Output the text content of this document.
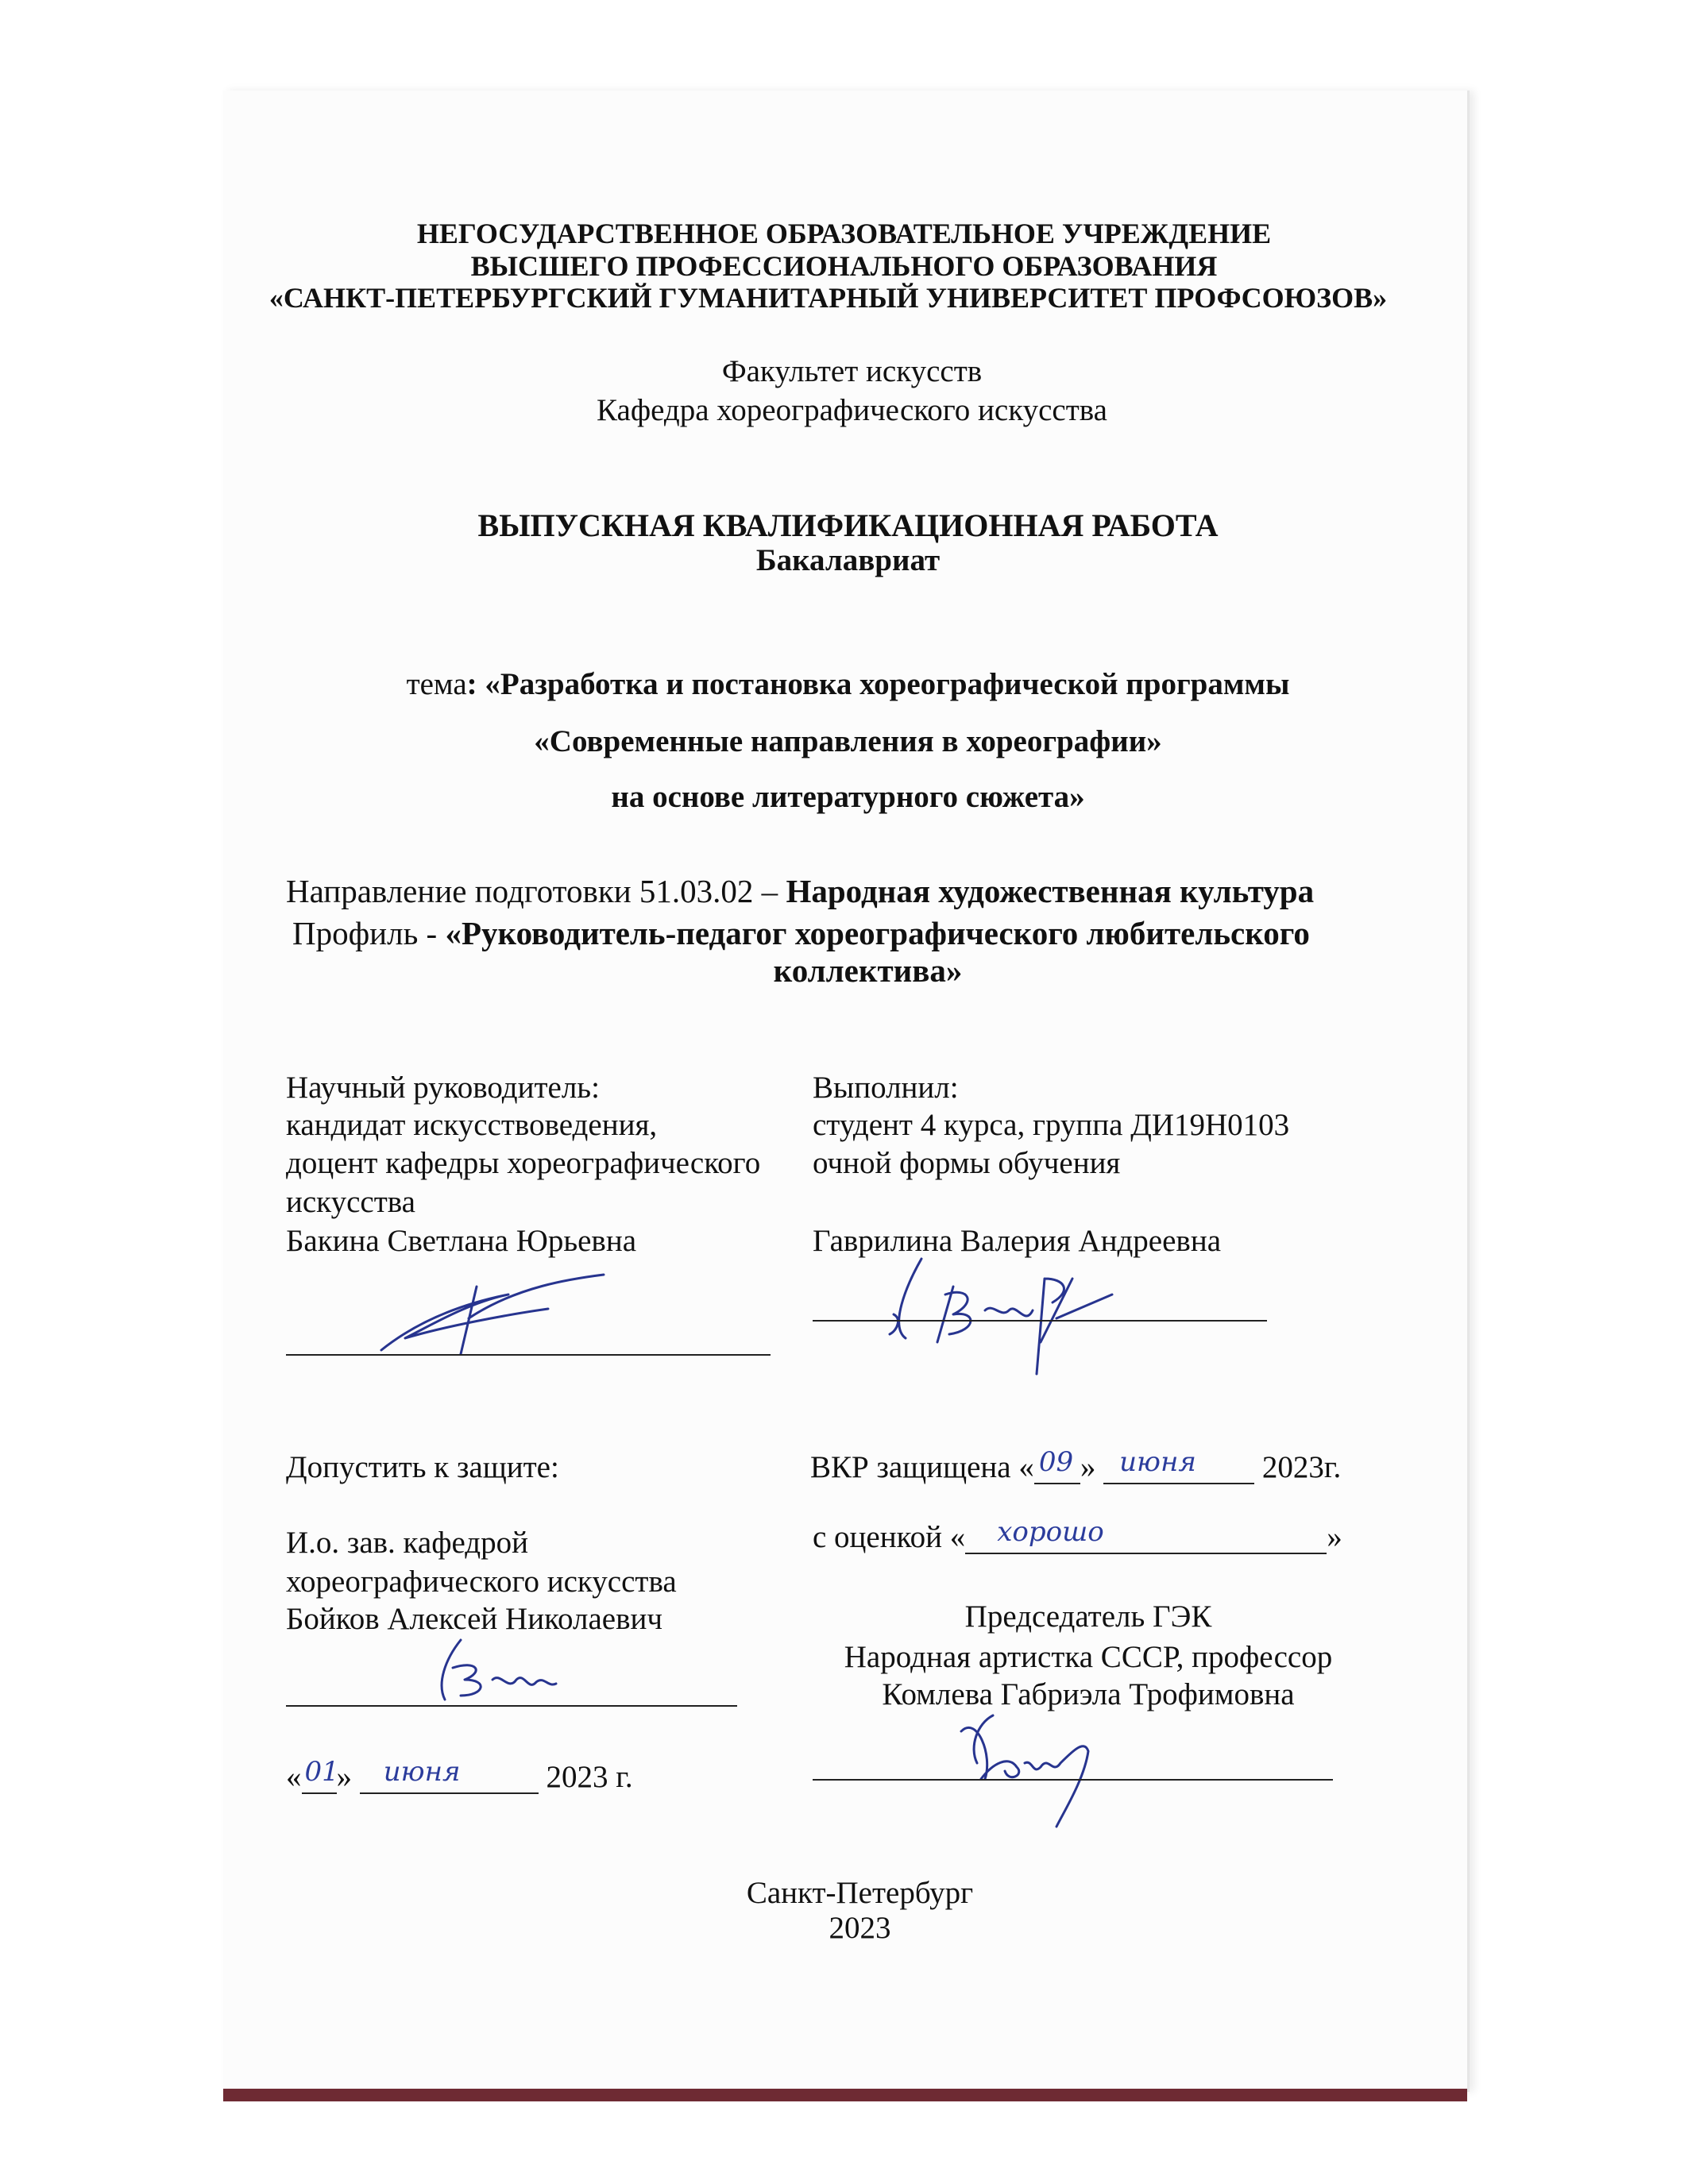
НЕГОСУДАРСТВЕННОЕ ОБРАЗОВАТЕЛЬНОЕ УЧРЕЖДЕНИЕ
ВЫСШЕГО ПРОФЕССИОНАЛЬНОГО ОБРАЗОВАНИЯ
«САНКТ-ПЕТЕРБУРГСКИЙ ГУМАНИТАРНЫЙ УНИВЕРСИТЕТ ПРОФСОЮЗОВ»
Факультет искусств
Кафедра хореографического искусства
ВЫПУСКНАЯ КВАЛИФИКАЦИОННАЯ РАБОТА
Бакалавриат
тема: «Разработка и постановка хореографической программы
«Современные направления в хореографии»
на основе литературного сюжета»
Направление подготовки 51.03.02 – Народная художественная культура
Профиль - «Руководитель-педагог хореографического любительского
коллектива»
Научный руководитель:
кандидат искусствоведения,
доцент кафедры хореографического
искусства
Бакина Светлана Юрьевна
Выполнил:
студент 4 курса, группа ДИ19Н0103
очной формы обучения
Гаврилина Валерия Андреевна
Допустить к защите:
И.о. зав. кафедрой
хореографического искусства
Бойков Алексей Николаевич
« 01
» июня	2023 г.
ВКР защищена « 09 » июня 2023г.
с оценкой « хорошо	»
Председатель ГЭК
Народная артистка СССР, профессор
Комлева Габриэла Трофимовна
Санкт-Петербург
2023
